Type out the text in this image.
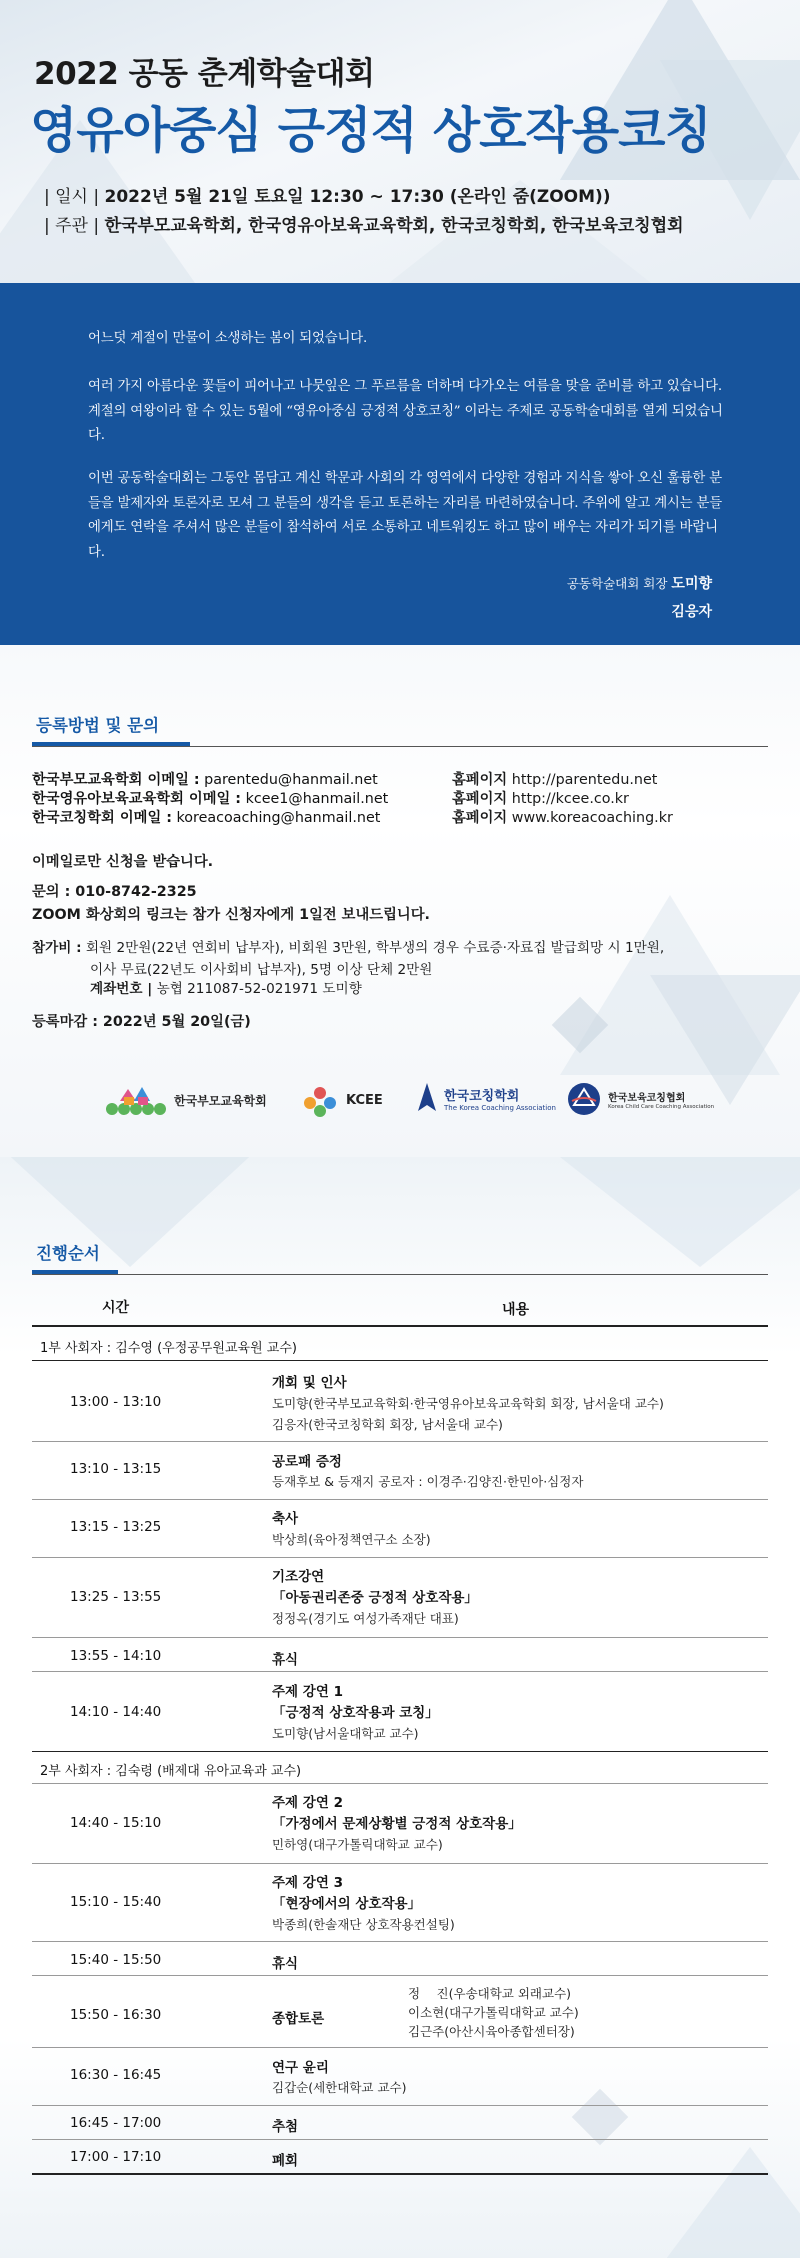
2022 공동 춘계학술대회
영유아중심 긍정적 상호작용코칭
| 일시 | 2022년 5월 21일 토요일 12:30 ~ 17:30 (온라인 줌(ZOOM))
| 주관 | 한국부모교육학회, 한국영유아보육교육학회, 한국코칭학회, 한국보육코칭협회

어느덧 계절이 만물이 소생하는 봄이 되었습니다.

여러 가지 아름다운 꽃들이 피어나고 나뭇잎은 그 푸르름을 더하며 다가오는 여름을 맞을 준비를 하고 있습니다. 계절의 여왕이라 할 수 있는 5월에 “영유아중심 긍정적 상호코칭” 이라는 주제로 공동학술대회를 열게 되었습니다.

이번 공동학술대회는 그동안 몸담고 계신 학문과 사회의 각 영역에서 다양한 경험과 지식을 쌓아 오신 훌륭한 분들을 발제자와 토론자로 모셔 그 분들의 생각을 듣고 토론하는 자리를 마련하였습니다. 주위에 알고 계시는 분들에게도 연락을 주셔서 많은 분들이 참석하여 서로 소통하고 네트워킹도 하고 많이 배우는 자리가 되기를 바랍니다.

공동학술대회 회장 도미향
김응자
등록방법 및 문의
한국부모교육학회 이메일 : parentedu@hanmail.net	홈페이지 http://parentedu.net
한국영유아보육교육학회 이메일 : kcee1@hanmail.net	홈페이지 http://kcee.co.kr
한국코칭학회 이메일 : koreacoaching@hanmail.net	홈페이지 www.koreacoaching.kr
이메일로만 신청을 받습니다.
문의 : 010-8742-2325
ZOOM 화상회의 링크는 참가 신청자에게 1일전 보내드립니다.
참가비 : 회원 2만원(22년 연회비 납부자), 비회원 3만원, 학부생의 경우 수료증·자료집 발급희망 시 1만원,
이사 무료(22년도 이사회비 납부자), 5명 이상 단체 2만원
계좌번호 | 농협 211087-52-021971 도미향
등록마감 : 2022년 5월 20일(금)
한국부모교육학회	KCEE	한국코칭학회
The Korea Coaching Association
한국보육코칭협회
Korea Child Care Coaching Association
진행순서
시간	내용
1부 사회자 : 김수영 (우정공무원교육원 교수)
13:00 - 13:10
개회 및 인사
도미향(한국부모교육학회·한국영유아보육교육학회 회장, 남서울대 교수)
김응자(한국코칭학회 회장, 남서울대 교수)
13:10 - 13:15	공로패 증정
등재후보 & 등재지 공로자 : 이경주·김양진·한민아·심정자
13:15 - 13:25	축사
박상희(육아정책연구소 소장)
13:25 - 13:55
기조강연
「아동권리존중 긍정적 상호작용」
정정옥(경기도 여성가족재단 대표)
13:55 - 14:10	휴식
14:10 - 14:40
주제 강연 1
「긍정적 상호작용과 코칭」
도미향(남서울대학교 교수)
2부 사회자 : 김숙령 (배제대 유아교육과 교수)
14:40 - 15:10
주제 강연 2
「가정에서 문제상황별 긍정적 상호작용」
민하영(대구가톨릭대학교 교수)
15:10 - 15:40
주제 강연 3
「현장에서의 상호작용」
박종희(한솔재단 상호작용컨설팅)
15:40 - 15:50	휴식
15:50 - 16:30	종합토론
정 　진(우송대학교 외래교수)
이소현(대구가톨릭대학교 교수)
김근주(아산시육아종합센터장)
16:30 - 16:45	연구 윤리
김갑순(세한대학교 교수)
16:45 - 17:00	추첨
17:00 - 17:10	폐회
